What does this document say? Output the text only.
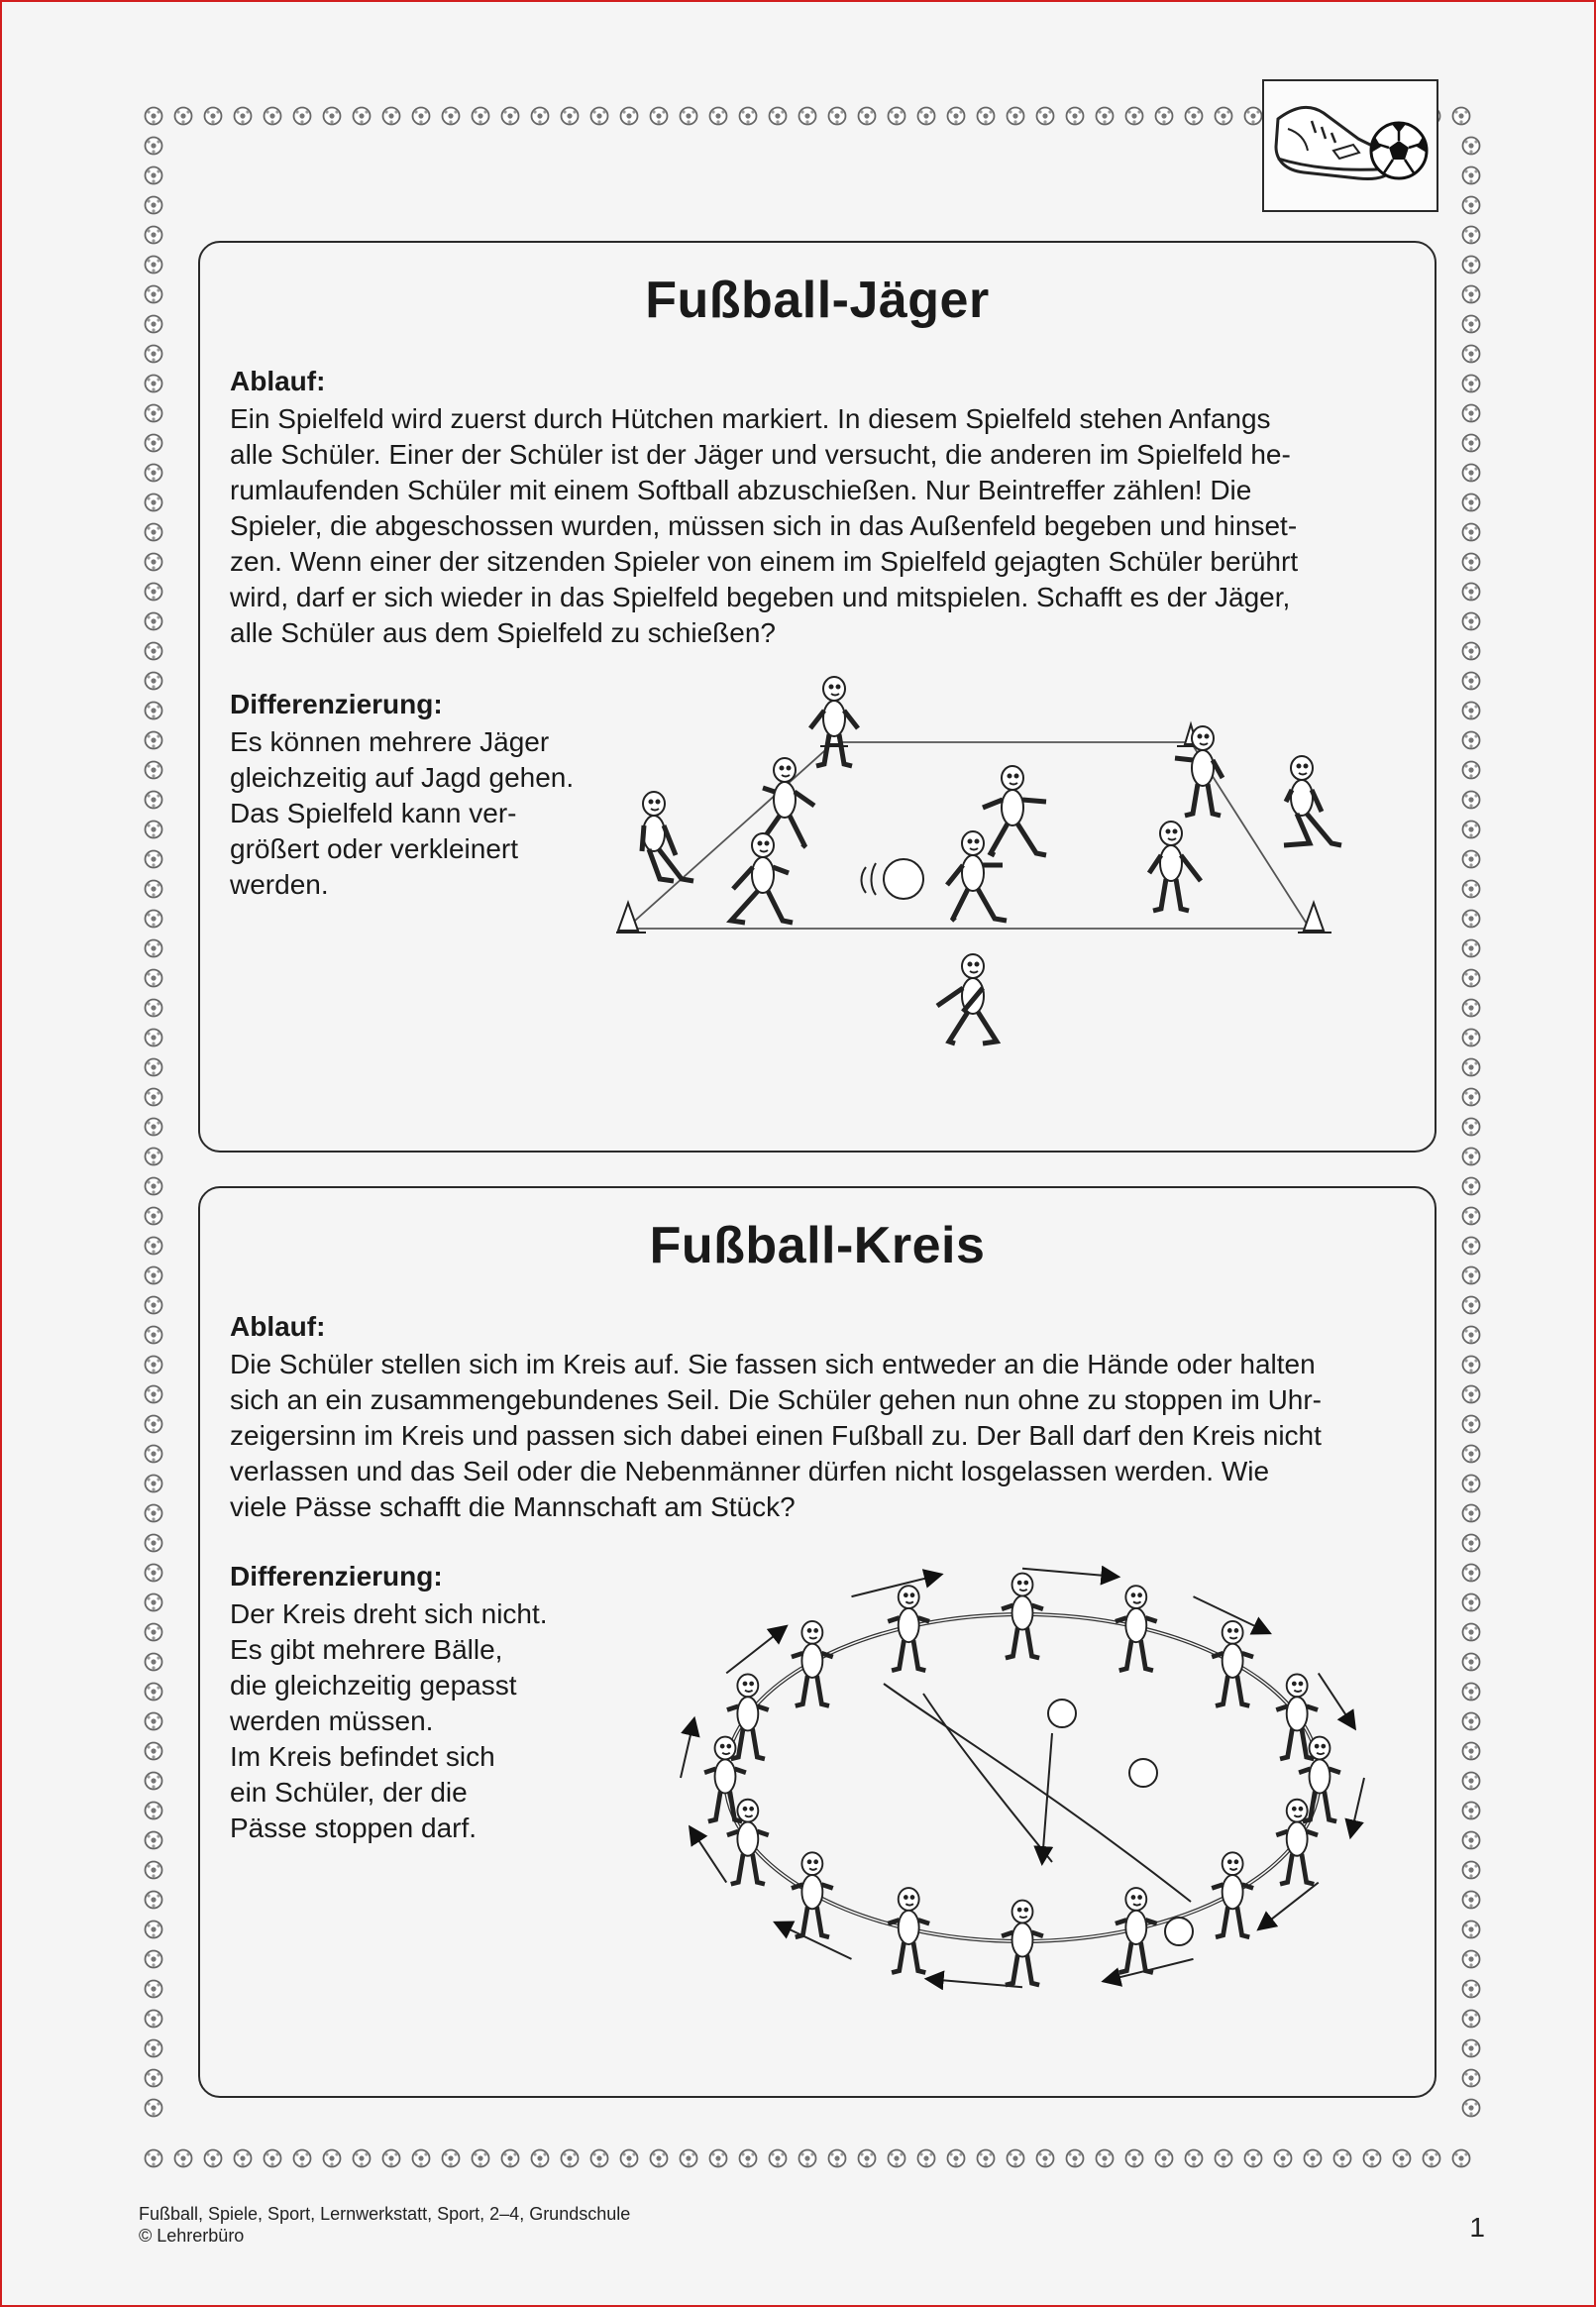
Fußball-Jäger
Ablauf:
Ein Spielfeld wird zuerst durch Hütchen markiert. In diesem Spielfeld stehen Anfangs
alle Schüler. Einer der Schüler ist der Jäger und versucht, die anderen im Spielfeld he-
rumlaufenden Schüler mit einem Softball abzuschießen. Nur Beintreffer zählen! Die
Spieler, die abgeschossen wurden, müssen sich in das Außenfeld begeben und hinset-
zen. Wenn einer der sitzenden Spieler von einem im Spielfeld gejagten Schüler berührt
wird, darf er sich wieder in das Spielfeld begeben und mitspielen. Schafft es der Jäger,
alle Schüler aus dem Spielfeld zu schießen?
Differenzierung:
Es können mehrere Jäger
gleichzeitig auf Jagd gehen.
Das Spielfeld kann ver-
größert oder verkleinert
werden.
Fußball-Kreis
Ablauf:
Die Schüler stellen sich im Kreis auf. Sie fassen sich entweder an die Hände oder halten
sich an ein zusammengebundenes Seil. Die Schüler gehen nun ohne zu stoppen im Uhr-
zeigersinn im Kreis und passen sich dabei einen Fußball zu. Der Ball darf den Kreis nicht
verlassen und das Seil oder die Nebenmänner dürfen nicht losgelassen werden. Wie
viele Pässe schafft die Mannschaft am Stück?
Differenzierung:
Der Kreis dreht sich nicht.
Es gibt mehrere Bälle,
die gleichzeitig gepasst
werden müssen.
Im Kreis befindet sich
ein Schüler, der die
Pässe stoppen darf.
Fußball, Spiele, Sport, Lernwerkstatt, Sport, 2–4, Grundschule
© Lehrerbüro	1
